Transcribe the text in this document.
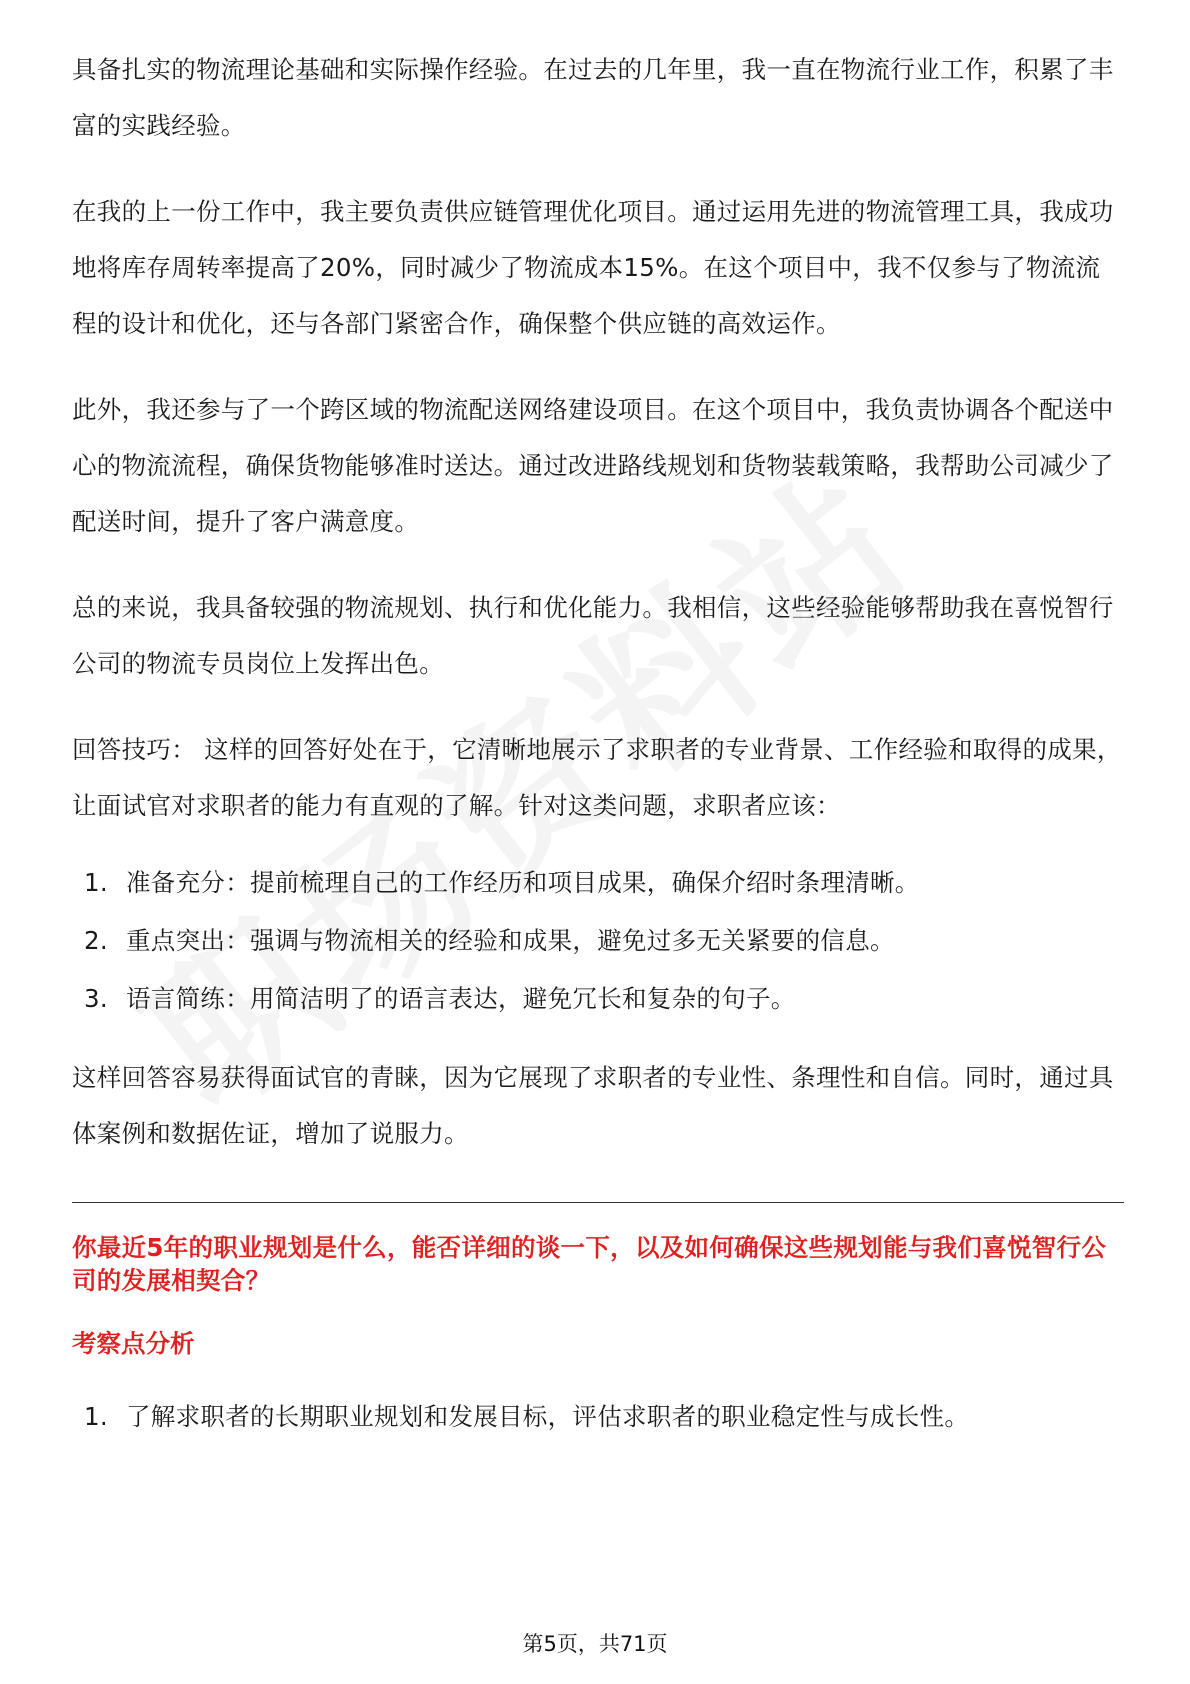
具备扎实的物流理论基础和实际操作经验。在过去的几年里，我一直在物流行业工作，积累了丰富的实践经验。

在我的上一份工作中，我主要负责供应链管理优化项目。通过运用先进的物流管理工具，我成功地将库存周转率提高了20%，同时减少了物流成本15%。在这个项目中，我不仅参与了物流流程的设计和优化，还与各部门紧密合作，确保整个供应链的高效运作。

此外，我还参与了一个跨区域的物流配送网络建设项目。在这个项目中，我负责协调各个配送中心的物流流程，确保货物能够准时送达。通过改进路线规划和货物装载策略，我帮助公司减少了配送时间，提升了客户满意度。

总的来说，我具备较强的物流规划、执行和优化能力。我相信，这些经验能够帮助我在喜悦智行公司的物流专员岗位上发挥出色。

回答技巧： 这样的回答好处在于，它清晰地展示了求职者的专业背景、工作经验和取得的成果，让面试官对求职者的能力有直观的了解。针对这类问题，求职者应该：

1. 准备充分：提前梳理自己的工作经历和项目成果，确保介绍时条理清晰。
2. 重点突出：强调与物流相关的经验和成果，避免过多无关紧要的信息。
3. 语言简练：用简洁明了的语言表达，避免冗长和复杂的句子。

这样回答容易获得面试官的青睐，因为它展现了求职者的专业性、条理性和自信。同时，通过具体案例和数据佐证，增加了说服力。

你最近5年的职业规划是什么，能否详细的谈一下，以及如何确保这些规划能与我们喜悦智行公司的发展相契合？
考察点分析
1. 了解求职者的长期职业规划和发展目标，评估求职者的职业稳定性与成长性。
第5页，共71页
